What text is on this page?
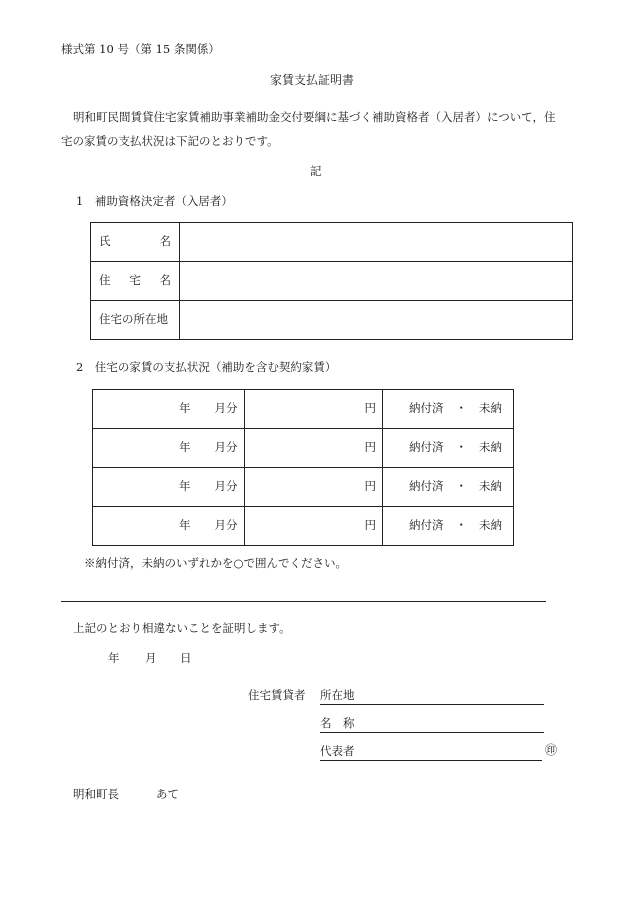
様式第 10 号（第 15 条関係）
家賃支払証明書
明和町民間賃貸住宅家賃補助事業補助金交付要綱に基づく補助資格者（入居者）について，住
宅の家賃の支払状況は下記のとおりです。
記
1　補助資格決定者（入居者）
氏 名	

住 宅 名	

住宅の所在地	

2　住宅の家賃の支払状況（補助を含む契約家賃）
年 月分	円	納付済 ・ 未納
年 月分	円	納付済 ・ 未納
年 月分	円	納付済 ・ 未納
年 月分	円	納付済 ・ 未納
※納付済，未納のいずれかを○で囲んでください。
上記のとおり相違ないことを証明します。
年 月 日
住宅賃貸者 所在地
名　称
代表者	㊞
明和町長	あて
